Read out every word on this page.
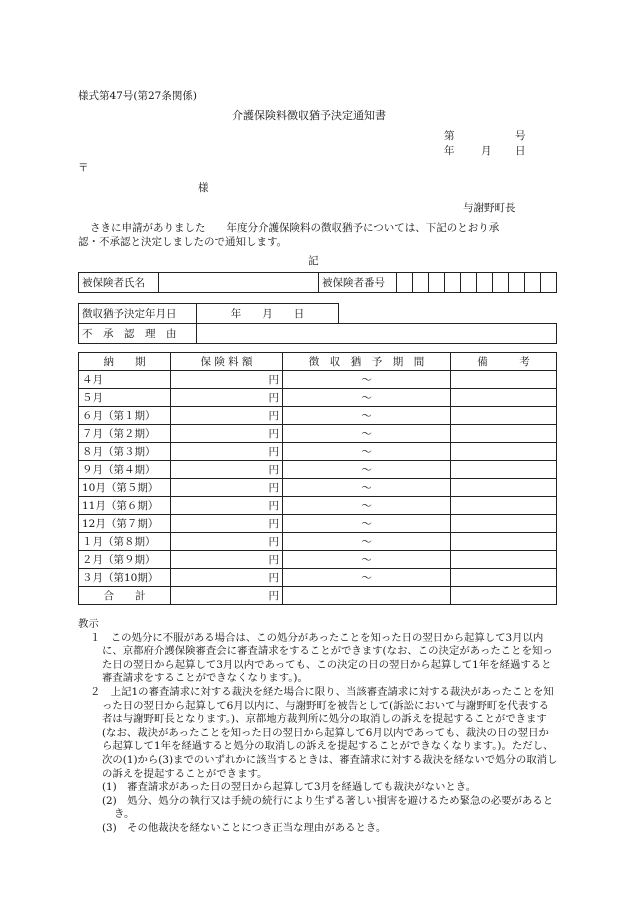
様式第47号(第27条関係)
介護保険料徴収猶予決定通知書
第	号
年	月 日
〒
様
与謝野町長
さきに申請がありました　　年度分介護保険料の徴収猶予については、下記のとおり承
認・不承認と決定しましたので通知します。
記
被保険者氏名		被保険者番号										
徴収猶予決定年月日	年　　月　　日	
不　承　認　理　由		
納　　期	保 険 料 額	徴　収　猶　予　期　間	備　　　考
４月	円	～	
５月	円	～	
６月（第１期）	円	～	
７月（第２期）	円	～	
８月（第３期）	円	～	
９月（第４期）	円	～	
10月（第５期）	円	～	
11月（第６期）	円	～	
12月（第７期）	円	～	
１月（第８期）	円	～	
２月（第９期）	円	～	
３月（第10期）	円	～	
合　　計	円		

教示

１　この処分に不服がある場合は、この処分があったことを知った日の翌日から起算して3月以内に、京都府介護保険審査会に審査請求をすることができます(なお、この決定があったことを知った日の翌日から起算して3月以内であっても、この決定の日の翌日から起算して1年を経過すると審査請求をすることができなくなります。)。

２　上記1の審査請求に対する裁決を経た場合に限り、当該審査請求に対する裁決があったことを知った日の翌日から起算して6月以内に、与謝野町を被告として(訴訟において与謝野町を代表する者は与謝野町長となります。)、京都地方裁判所に処分の取消しの訴えを提起することができます(なお、裁決があったことを知った日の翌日から起算して6月以内であっても、裁決の日の翌日から起算して1年を経過すると処分の取消しの訴えを提起することができなくなります。)。ただし、次の(1)から(3)までのいずれかに該当するときは、審査請求に対する裁決を経ないで処分の取消しの訴えを提起することができます。

(1)　審査請求があった日の翌日から起算して3月を経過しても裁決がないとき。

(2)　処分、処分の執行又は手続の続行により生ずる著しい損害を避けるため緊急の必要があるとき。

(3)　その他裁決を経ないことにつき正当な理由があるとき。
